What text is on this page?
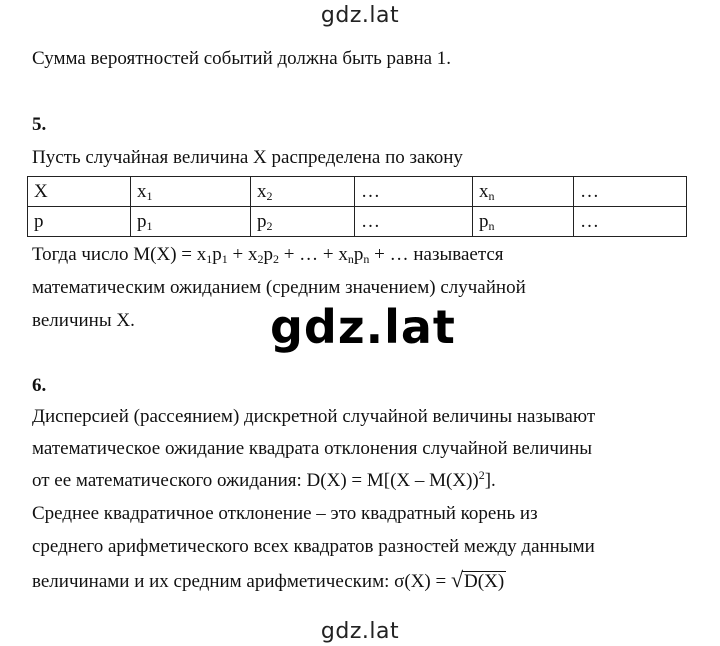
gdz.lat
Сумма вероятностей событий должна быть равна 1.
5.
Пусть случайная величина X распределена по закону
X	$x_1$	$x_2$	…	$x_n$	…
p	$p_1$	$p_2$	…	$p_n$	…
Тогда число $M(X) = x_1p_1 + x_2p_2$ + … + $x_np_n$ + … называется
математическим ожиданием (средним значением) случайной
величины X.	gdz.lat
6.
Дисперсией (рассеянием) дискретной случайной величины называют
математическое ожидание квадрата отклонения случайной величины
от ее математического ожидания: D(X) = M[(X – M(X))$^2$].
Среднее квадратичное отклонение – это квадратный корень из
среднего арифметического всех квадратов разностей между данными
величинами и их средним арифметическим: σ(X) = √D(X)
gdz.lat
